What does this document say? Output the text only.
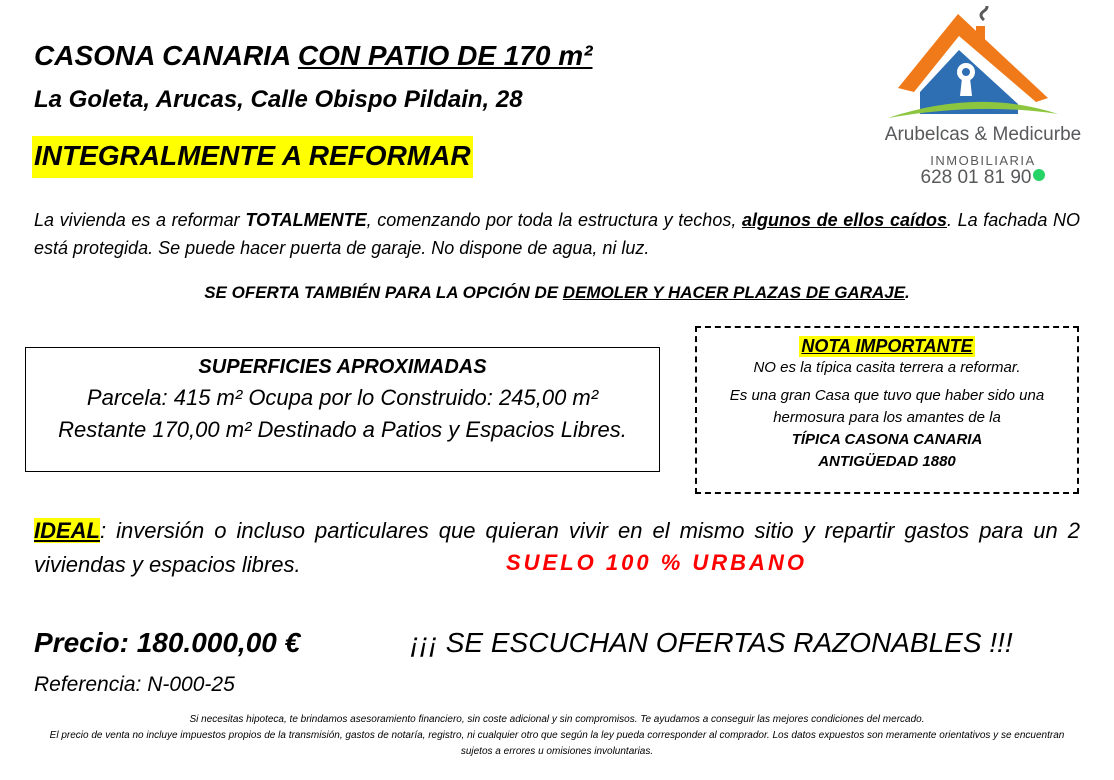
CASONA CANARIA CON PATIO DE 170 m²
La Goleta, Arucas, Calle Obispo Pildain, 28
INTEGRALMENTE A REFORMAR
Arubelcas & Medicurbe
INMOBILIARIA
628 01 81 90
La vivienda es a reformar TOTALMENTE, comenzando por toda la estructura y techos, algunos de ellos caídos. La fachada NO está protegida. Se puede hacer puerta de garaje. No dispone de agua, ni luz.
SE OFERTA TAMBIÉN PARA LA OPCIÓN DE DEMOLER Y HACER PLAZAS DE GARAJE.
SUPERFICIES APROXIMADAS
Parcela: 415 m² Ocupa por lo Construido: 245,00 m²
Restante 170,00 m² Destinado a Patios y Espacios Libres.
NOTA IMPORTANTE
NO es la típica casita terrera a reformar.
Es una gran Casa que tuvo que haber sido una
hermosura para los amantes de la
TÍPICA CASONA CANARIA
ANTIGÜEDAD 1880
IDEAL: inversión o incluso particulares que quieran vivir en el mismo sitio y repartir gastos para un 2 viviendas y espacios libres.	SUELO 100 % URBANO
Precio: 180.000,00 €	¡¡¡ SE ESCUCHAN OFERTAS RAZONABLES !!!
Referencia: N-000-25
Si necesitas hipoteca, te brindamos asesoramiento financiero, sin coste adicional y sin compromisos. Te ayudamos a conseguir las mejores condiciones del mercado.
El precio de venta no incluye impuestos propios de la transmisión, gastos de notaría, registro, ni cualquier otro que según la ley pueda corresponder al comprador. Los datos expuestos son meramente orientativos y se encuentran sujetos a errores u omisiones involuntarias.
